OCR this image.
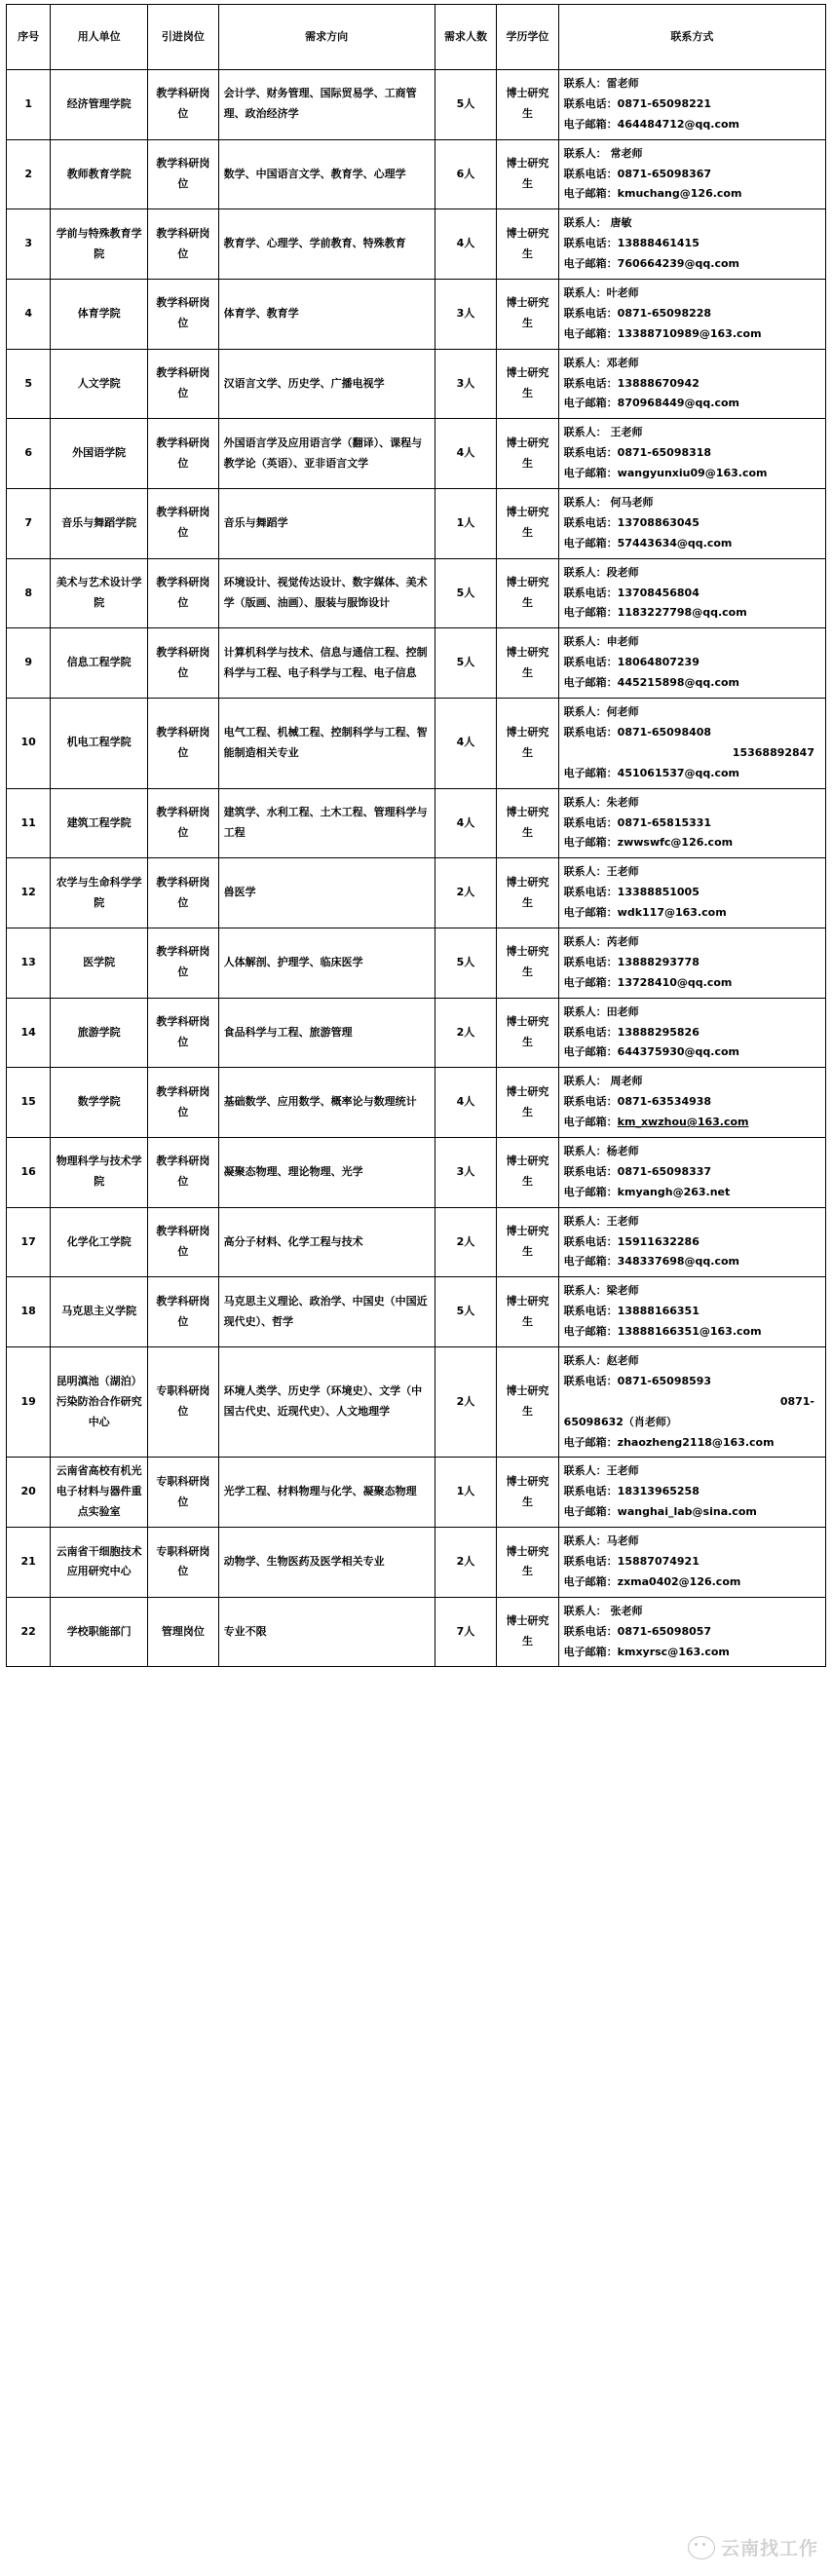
序号	用人单位	引进岗位	需求方向	需求人数	学历学位	联系方式
1	经济管理学院	教学科研岗位	会计学、财务管理、国际贸易学、工商管理、政治经济学	5人	博士研究生	联系人：雷老师
联系电话：0871-65098221
电子邮箱：464484712@qq.com

2	教师教育学院	教学科研岗位	数学、中国语言文学、教育学、心理学	6人	博士研究生	联系人： 常老师
联系电话：0871-65098367
电子邮箱：kmuchang@126.com

3	学前与特殊教育学院	教学科研岗位	教育学、心理学、学前教育、特殊教育	4人	博士研究生	联系人： 唐敏
联系电话：13888461415
电子邮箱：760664239@qq.com

4	体育学院	教学科研岗位	体育学、教育学	3人	博士研究生	联系人：叶老师
联系电话：0871-65098228
电子邮箱：13388710989@163.com

5	人文学院	教学科研岗位	汉语言文学、历史学、广播电视学	3人	博士研究生	联系人：邓老师
联系电话：13888670942
电子邮箱：870968449@qq.com

6	外国语学院	教学科研岗位	外国语言学及应用语言学（翻译）、课程与教学论（英语）、亚非语言文学	4人	博士研究生	联系人： 王老师
联系电话：0871-65098318
电子邮箱：wangyunxiu09@163.com

7	音乐与舞蹈学院	教学科研岗位	音乐与舞蹈学	1人	博士研究生	联系人： 何马老师
联系电话：13708863045
电子邮箱：57443634@qq.com

8	美术与艺术设计学院	教学科研岗位	环境设计、视觉传达设计、数字媒体、美术学（版画、油画）、服装与服饰设计	5人	博士研究生	联系人：段老师
联系电话：13708456804
电子邮箱：1183227798@qq.com

9	信息工程学院	教学科研岗位	计算机科学与技术、信息与通信工程、控制科学与工程、电子科学与工程、电子信息	5人	博士研究生	联系人：申老师
联系电话：18064807239
电子邮箱：445215898@qq.com

10	机电工程学院	教学科研岗位	电气工程、机械工程、控制科学与工程、智能制造相关专业	4人	博士研究生	联系人：何老师
联系电话：0871-65098408
15368892847
电子邮箱：451061537@qq.com

11	建筑工程学院	教学科研岗位	建筑学、水利工程、土木工程、管理科学与工程	4人	博士研究生	联系人：朱老师
联系电话：0871-65815331
电子邮箱：zwwswfc@126.com

12	农学与生命科学学院	教学科研岗位	兽医学	2人	博士研究生	联系人：王老师
联系电话：13388851005
电子邮箱：wdk117@163.com

13	医学院	教学科研岗位	人体解剖、护理学、临床医学	5人	博士研究生	联系人：芮老师
联系电话：13888293778
电子邮箱：13728410@qq.com

14	旅游学院	教学科研岗位	食品科学与工程、旅游管理	2人	博士研究生	联系人：田老师
联系电话：13888295826
电子邮箱：644375930@qq.com

15	数学学院	教学科研岗位	基础数学、应用数学、概率论与数理统计	4人	博士研究生	联系人： 周老师
联系电话：0871-63534938
电子邮箱：km_xwzhou@163.com

16	物理科学与技术学院	教学科研岗位	凝聚态物理、理论物理、光学	3人	博士研究生	联系人：杨老师
联系电话：0871-65098337
电子邮箱：kmyangh@263.net

17	化学化工学院	教学科研岗位	高分子材料、化学工程与技术	2人	博士研究生	联系人：王老师
联系电话：15911632286
电子邮箱：348337698@qq.com

18	马克思主义学院	教学科研岗位	马克思主义理论、政治学、中国史（中国近现代史）、哲学	5人	博士研究生	联系人：梁老师
联系电话：13888166351
电子邮箱：13888166351@163.com

19	昆明滇池（湖泊）污染防治合作研究中心	专职科研岗位	环境人类学、历史学（环境史）、文学（中国古代史、近现代史）、人文地理学	2人	博士研究生	联系人：赵老师
联系电话：0871-65098593
0871-
65098632（肖老师）
电子邮箱：zhaozheng2118@163.com

20	云南省高校有机光电子材料与器件重点实验室	专职科研岗位	光学工程、材料物理与化学、凝聚态物理	1人	博士研究生	联系人：王老师
联系电话：18313965258
电子邮箱：wanghai_lab@sina.com

21	云南省干细胞技术应用研究中心	专职科研岗位	动物学、生物医药及医学相关专业	2人	博士研究生	联系人：马老师
联系电话：15887074921
电子邮箱：zxma0402@126.com

22	学校职能部门	管理岗位	专业不限	7人	博士研究生	联系人： 张老师
联系电话：0871-65098057
电子邮箱：kmxyrsc@163.com
云南找工作
